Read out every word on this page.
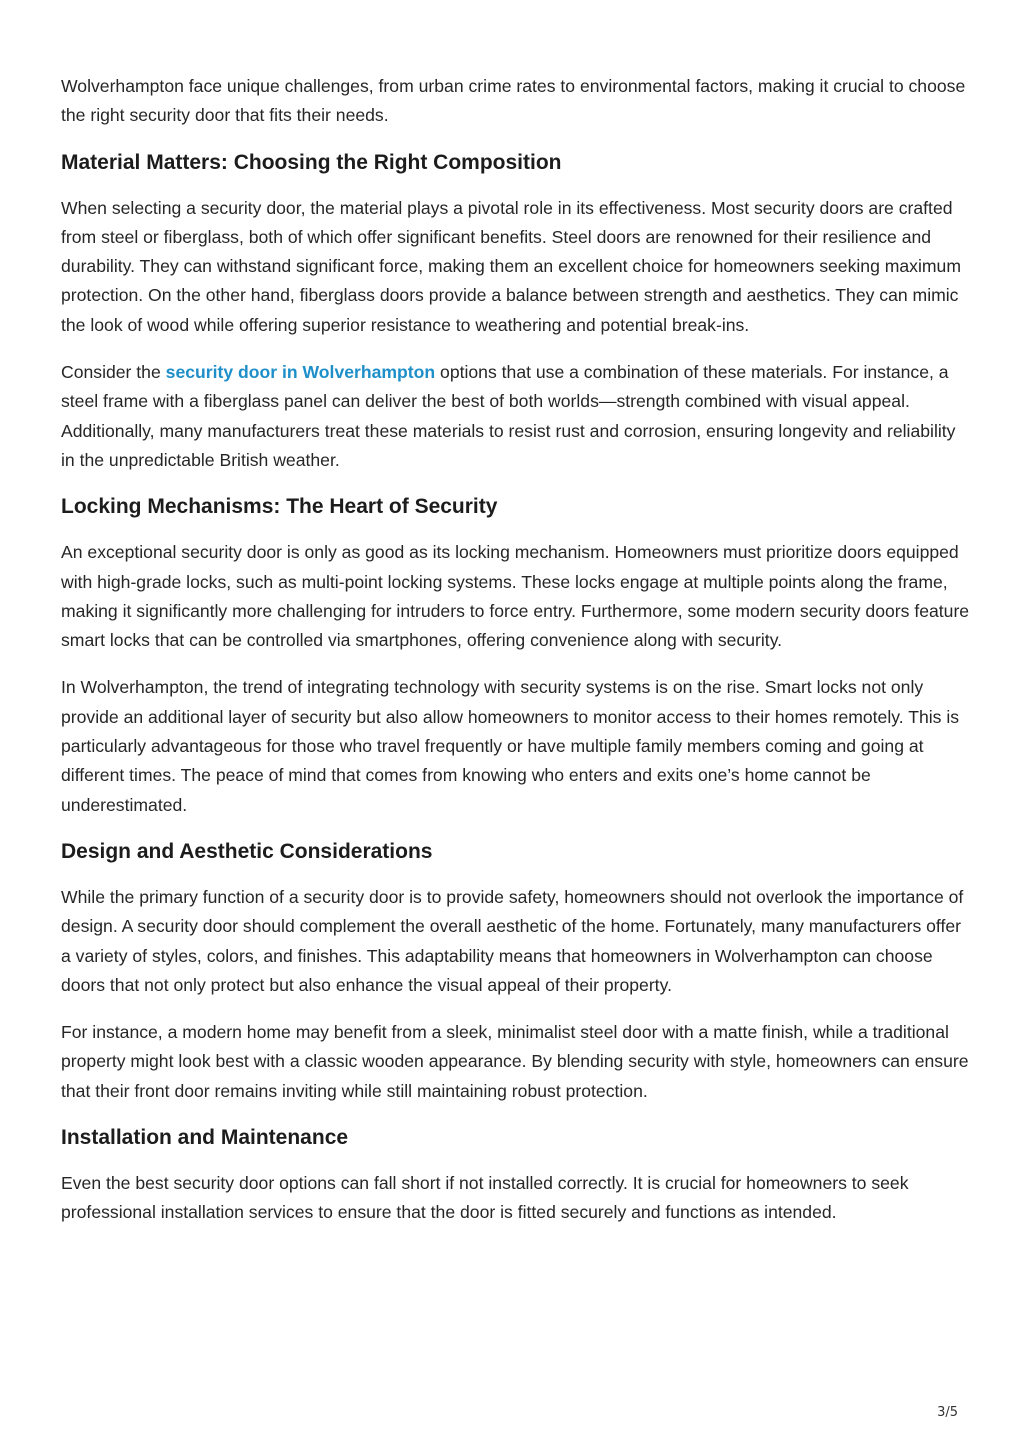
Wolverhampton face unique challenges, from urban crime rates to environmental factors, making it crucial to choose the right security door that fits their needs.

Material Matters: Choosing the Right Composition

When selecting a security door, the material plays a pivotal role in its effectiveness. Most security doors are crafted from steel or fiberglass, both of which offer significant benefits. Steel doors are renowned for their resilience and durability. They can withstand significant force, making them an excellent choice for homeowners seeking maximum protection. On the other hand, fiberglass doors provide a balance between strength and aesthetics. They can mimic the look of wood while offering superior resistance to weathering and potential break-ins.

Consider the security door in Wolverhampton options that use a combination of these materials. For instance, a steel frame with a fiberglass panel can deliver the best of both worlds—strength combined with visual appeal. Additionally, many manufacturers treat these materials to resist rust and corrosion, ensuring longevity and reliability in the unpredictable British weather.

Locking Mechanisms: The Heart of Security

An exceptional security door is only as good as its locking mechanism. Homeowners must prioritize doors equipped with high-grade locks, such as multi-point locking systems. These locks engage at multiple points along the frame, making it significantly more challenging for intruders to force entry. Furthermore, some modern security doors feature smart locks that can be controlled via smartphones, offering convenience along with security.

In Wolverhampton, the trend of integrating technology with security systems is on the rise. Smart locks not only provide an additional layer of security but also allow homeowners to monitor access to their homes remotely. This is particularly advantageous for those who travel frequently or have multiple family members coming and going at different times. The peace of mind that comes from knowing who enters and exits one’s home cannot be underestimated.

Design and Aesthetic Considerations

While the primary function of a security door is to provide safety, homeowners should not overlook the importance of design. A security door should complement the overall aesthetic of the home. Fortunately, many manufacturers offer a variety of styles, colors, and finishes. This adaptability means that homeowners in Wolverhampton can choose doors that not only protect but also enhance the visual appeal of their property.

For instance, a modern home may benefit from a sleek, minimalist steel door with a matte finish, while a traditional property might look best with a classic wooden appearance. By blending security with style, homeowners can ensure that their front door remains inviting while still maintaining robust protection.

Installation and Maintenance

Even the best security door options can fall short if not installed correctly. It is crucial for homeowners to seek professional installation services to ensure that the door is fitted securely and functions as intended.

3/5
